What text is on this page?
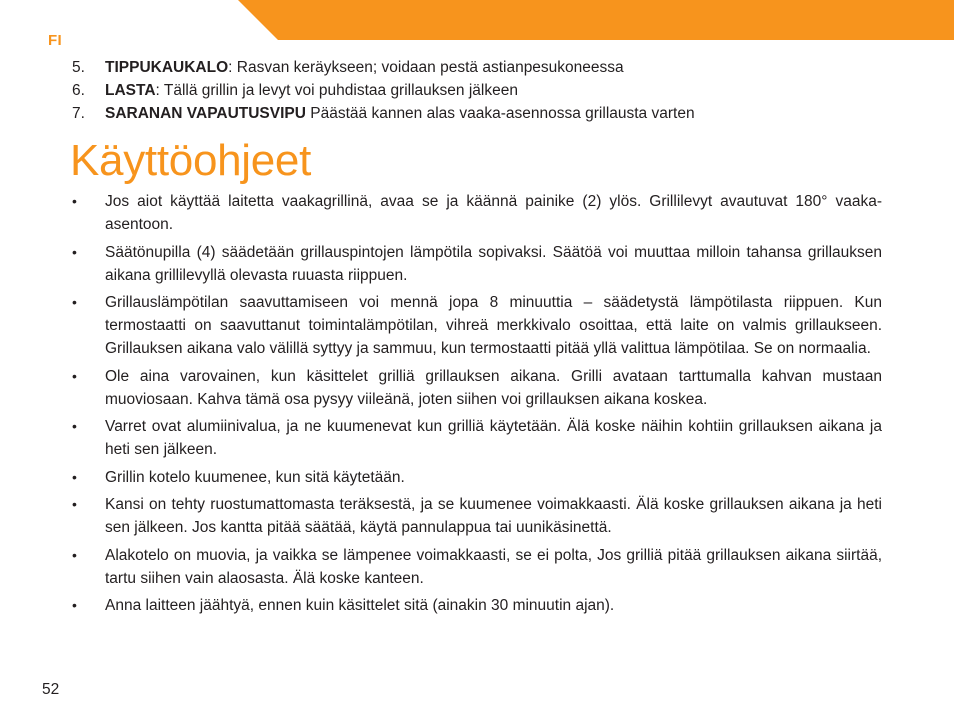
FI
5.	TIPPUKAUKALO: Rasvan keräykseen; voidaan pestä astianpesukoneessa
6.	LASTA: Tällä grillin ja levyt voi puhdistaa grillauksen jälkeen
7.	SARANAN VAPAUTUSVIPU Päästää kannen alas vaaka-asennossa grillausta varten
Käyttöohjeet
•	Jos aiot käyttää laitetta vaakagrillinä, avaa se ja käännä painike (2) ylös. Grillilevyt avautuvat 180° vaaka-asentoon.
•	Säätönupilla (4) säädetään grillauspintojen lämpötila sopivaksi. Säätöä voi muuttaa milloin tahansa grillauksen aikana grillilevyllä olevasta ruuasta riippuen.
•	Grillauslämpötilan saavuttamiseen voi mennä jopa 8 minuuttia – säädetystä lämpötilasta riippuen. Kun termostaatti on saavuttanut toimintalämpötilan, vihreä merkkivalo osoittaa, että laite on valmis grillaukseen. Grillauksen aikana valo välillä syttyy ja sammuu, kun termostaatti pitää yllä valittua lämpötilaa. Se on normaalia.
•	Ole aina varovainen, kun käsittelet grilliä grillauksen aikana. Grilli avataan tarttumalla kahvan mustaan muoviosaan. Kahva tämä osa pysyy viileänä, joten siihen voi grillauksen aikana koskea.
•	Varret ovat alumiinivalua, ja ne kuumenevat kun grilliä käytetään. Älä koske näihin kohtiin grillauksen aikana ja heti sen jälkeen.
•	Grillin kotelo kuumenee, kun sitä käytetään.
•	Kansi on tehty ruostumattomasta teräksestä, ja se kuumenee voimakkaasti. Älä koske grillauksen aikana ja heti sen jälkeen. Jos kantta pitää säätää, käytä pannulappua tai uunikäsinettä.
•	Alakotelo on muovia, ja vaikka se lämpenee voimakkaasti, se ei polta, Jos grilliä pitää grillauksen aikana siirtää, tartu siihen vain alaosasta. Älä koske kanteen.
•	Anna laitteen jäähtyä, ennen kuin käsittelet sitä (ainakin 30 minuutin ajan).
52
